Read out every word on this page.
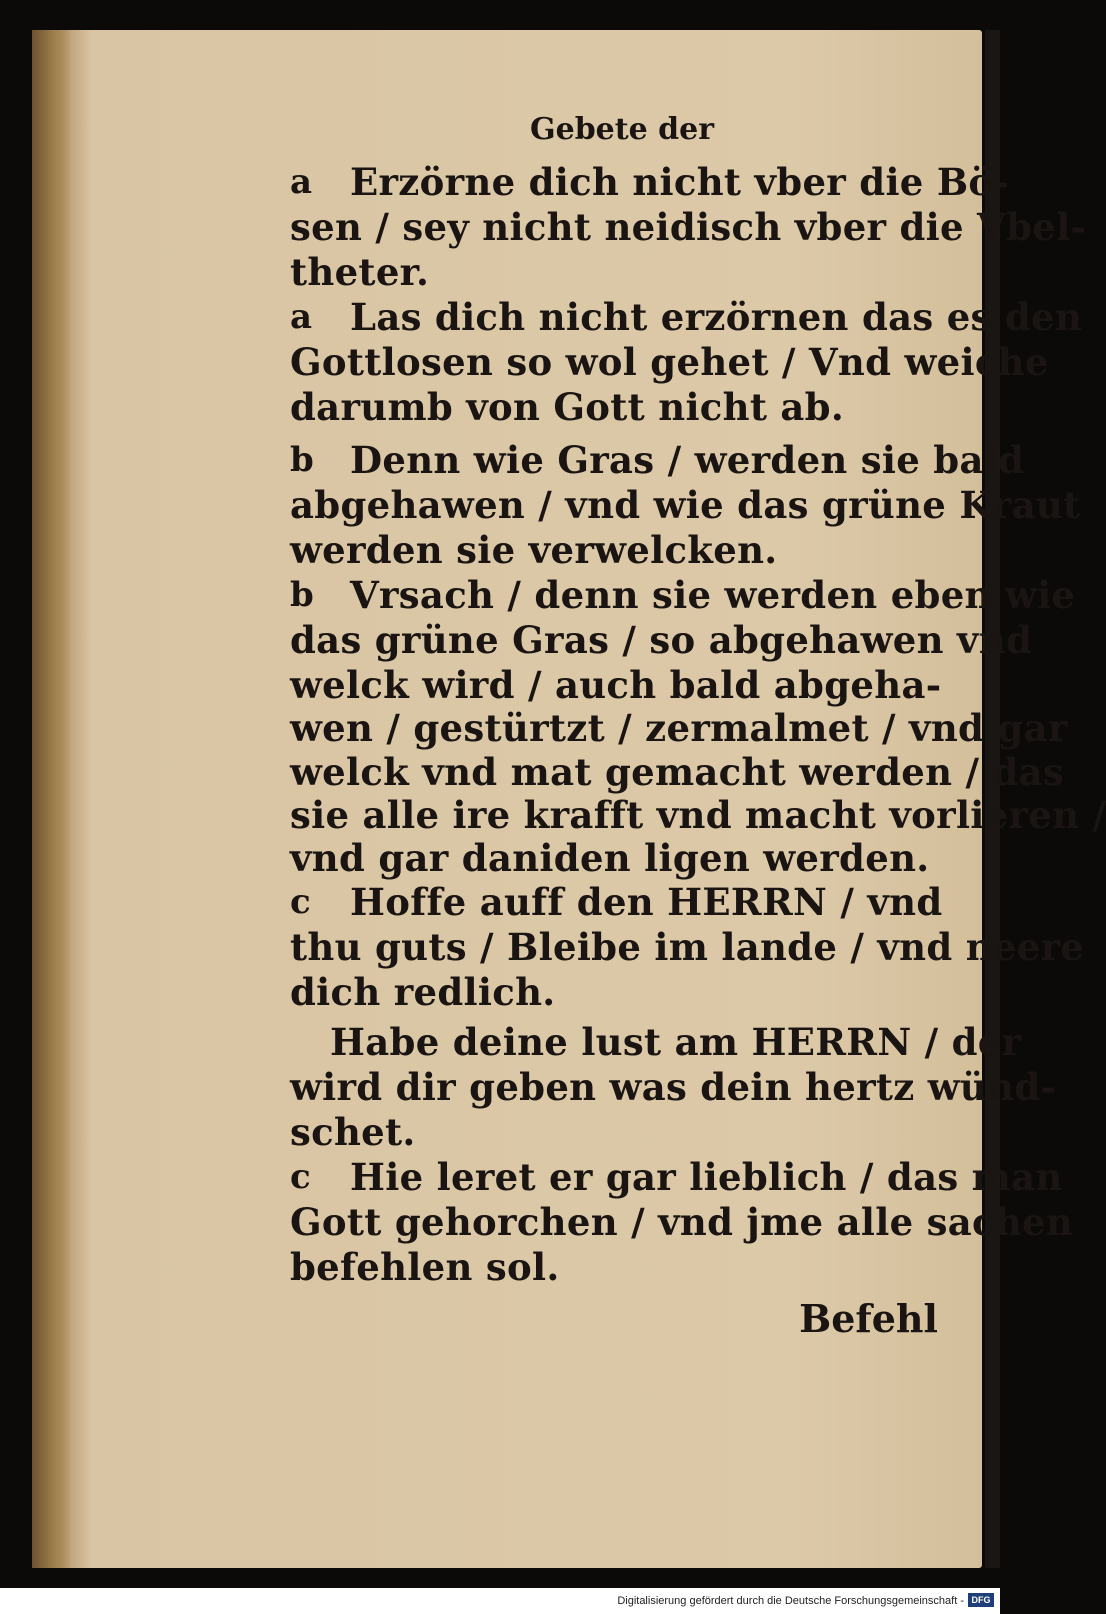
Gebete der
Erzörne dich nicht vber die Bö-
sen / sey nicht neidisch vber die Vbel-
theter.
a
Las dich nicht erzörnen das es den
Gottlosen so wol gehet / Vnd weiche
darumb von Gott nicht ab.
a
Denn wie Gras / werden sie bald
abgehawen / vnd wie das grüne Kraut
werden sie verwelcken.
b
Vrsach / denn sie werden eben wie
das grüne Gras / so abgehawen vnd
welck wird / auch bald abgeha-
wen / gestürtzt / zermalmet / vnd gar
welck vnd mat gemacht werden / das
sie alle ire krafft vnd macht vorlieren /
vnd gar daniden ligen werden.
b
Hoffe auff den HERRN / vnd
thu guts / Bleibe im lande / vnd neere
dich redlich.
c
Habe deine lust am HERRN / der
wird dir geben was dein hertz wünd-
schet.
Hie leret er gar lieblich / das man
Gott gehorchen / vnd jme alle sachen
befehlen sol.
c
Befehl
Digitalisierung gefördert durch die Deutsche Forschungsgemeinschaft - DFG
